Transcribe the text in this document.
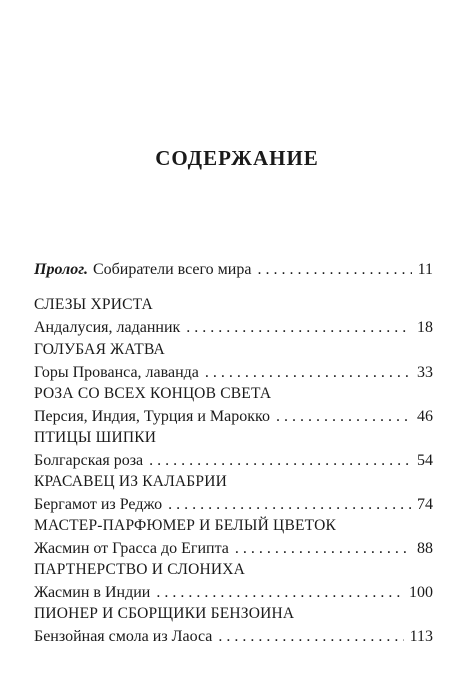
СОДЕРЖАНИЕ
Пролог. Собиратели всего мира . . .	11
СЛЕЗЫ ХРИСТА
Андалусия, ладанник . . .	18
ГОЛУБАЯ ЖАТВА
Горы Прованса, лаванда . . .	33
РОЗА СО ВСЕХ КОНЦОВ СВЕТА
Персия, Индия, Турция и Марокко . . .	46
ПТИЦЫ ШИПКИ
Болгарская роза . . .	54
КРАСАВЕЦ ИЗ КАЛАБРИИ
Бергамот из Реджо . . .	74
МАСТЕР-ПАРФЮМЕР И БЕЛЫЙ ЦВЕТОК
Жасмин от Грасса до Египта . . .	88
ПАРТНЕРСТВО И СЛОНИХА
Жасмин в Индии . . .	100
ПИОНЕР И СБОРЩИКИ БЕНЗОИНА
Бензойная смола из Лаоса . . .	113
